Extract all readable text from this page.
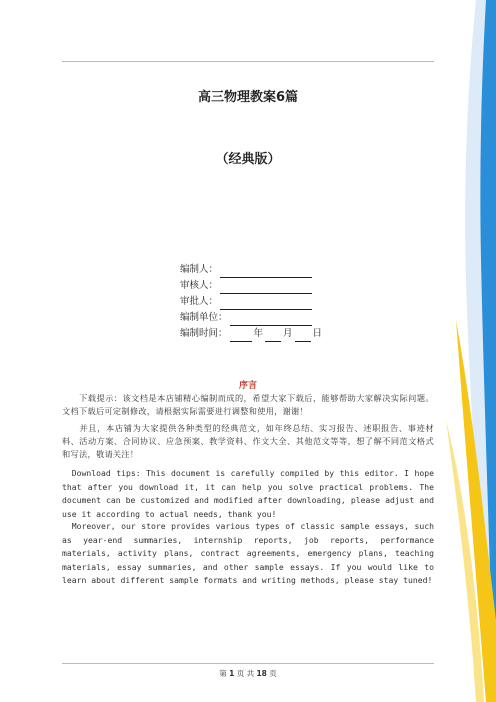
高三物理教案6篇
（经典版）
编制人：
审核人：
审批人：
编制单位：
编制时间：	年 月 日
序言
  下载提示：该文档是本店铺精心编制而成的，希望大家下载后，能够帮助大家解决实际问题。文档下载后可定制修改，请根据实际需要进行调整和使用，谢谢！
  并且，本店铺为大家提供各种类型的经典范文，如年终总结、实习报告、述职报告、事迹材料、活动方案、合同协议、应急预案、教学资料、作文大全、其他范文等等，想了解不同范文格式和写法，敬请关注！
  Download tips: This document is carefully compiled by this editor. I hope that after you download it, it can help you solve practical problems. The document can be customized and modified after downloading, please adjust and use it according to actual needs, thank you!
  Moreover, our store provides various types of classic sample essays, such as year-end summaries, internship reports, job reports, performance materials, activity plans, contract agreements, emergency plans, teaching materials, essay summaries, and other sample essays. If you would like to learn about different sample formats and writing methods, please stay tuned!
第 1 页 共 18 页
